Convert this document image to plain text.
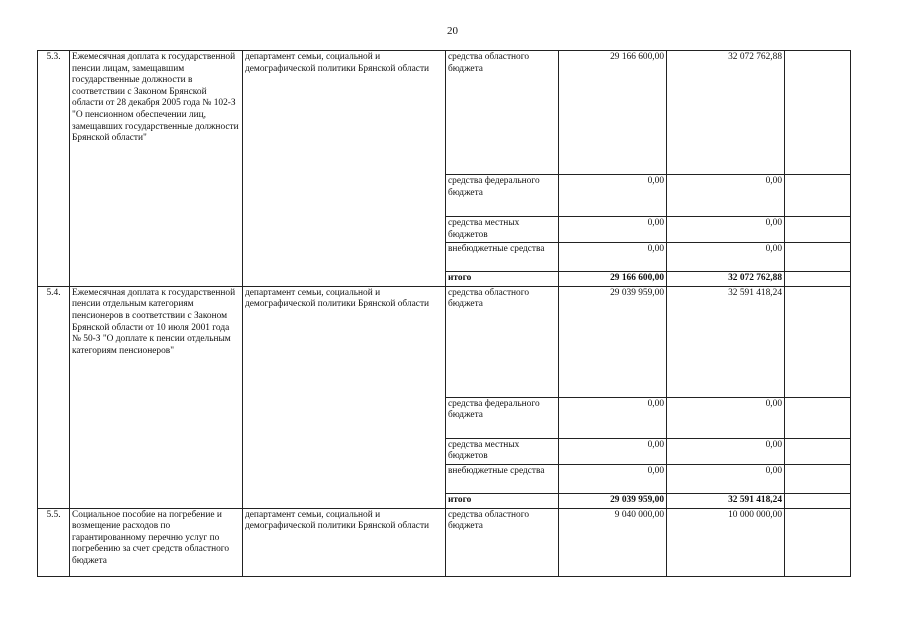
20
5.3.	Ежемесячная доплата к государственной пенсии лицам, замещавшим государственные должности в соответствии с Законом Брянской области от 28 декабря 2005 года № 102-З "О пенсионном обеспечении лиц, замещавших государственные должности Брянской области"	департамент семьи, социальной и демографической политики Брянской области	средства областного бюджета	29 166 600,00	32 072 762,88	
			средства федерального бюджета	0,00	0,00	
			средства местных бюджетов	0,00	0,00	
			внебюджетные средства	0,00	0,00	
			итого	29 166 600,00	32 072 762,88	
5.4.	Ежемесячная доплата к государственной пенсии отдельным категориям пенсионеров в соответствии с Законом Брянской области от 10 июля 2001 года № 50-З "О доплате к пенсии отдельным категориям пенсионеров"	департамент семьи, социальной и демографической политики Брянской области	средства областного бюджета	29 039 959,00	32 591 418,24	
			средства федерального бюджета	0,00	0,00	
			средства местных бюджетов	0,00	0,00	
			внебюджетные средства	0,00	0,00	
			итого	29 039 959,00	32 591 418,24	
5.5.	Социальное пособие на погребение и возмещение расходов по гарантированному перечню услуг по погребению за счет средств областного бюджета	департамент семьи, социальной и демографической политики Брянской области	средства областного бюджета	9 040 000,00	10 000 000,00	
